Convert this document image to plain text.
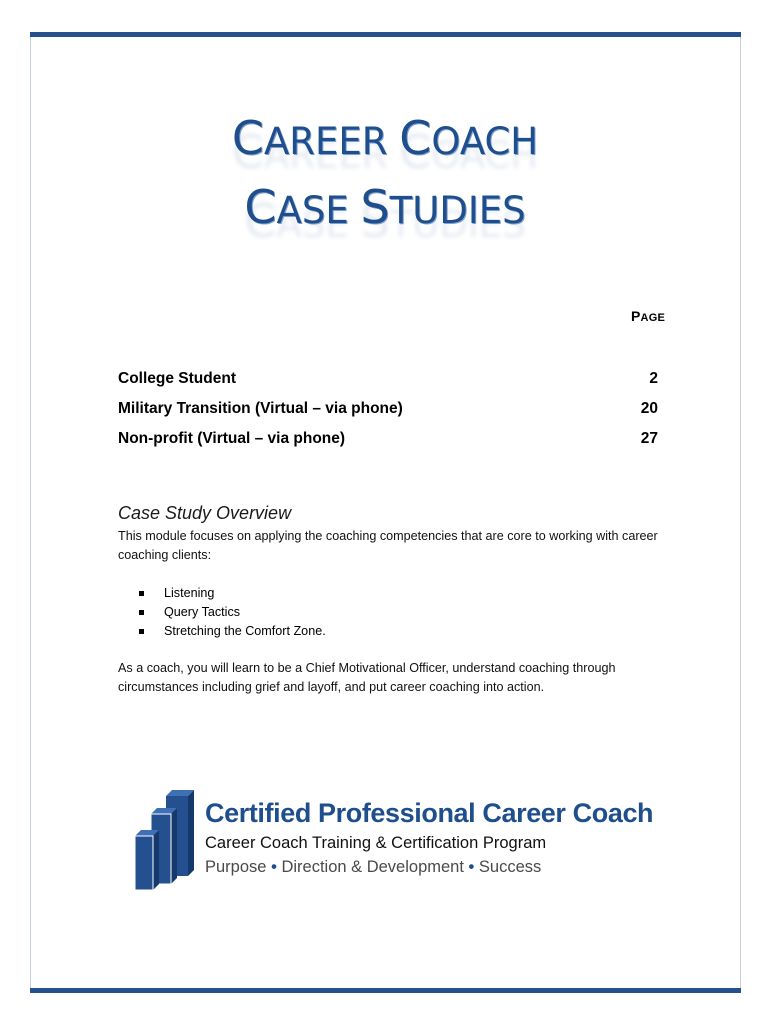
CAREER COACH
CASE STUDIES
PAGE
College Student	2
Military Transition (Virtual – via phone)	20
Non-profit (Virtual – via phone)	27
Case Study Overview
This module focuses on applying the coaching competencies that are core to working with career coaching clients:
Listening
Query Tactics
Stretching the Comfort Zone.
As a coach, you will learn to be a Chief Motivational Officer, understand coaching through circumstances including grief and layoff, and put career coaching into action.
Certified Professional Career Coach
Career Coach Training & Certification Program
Purpose • Direction & Development • Success
